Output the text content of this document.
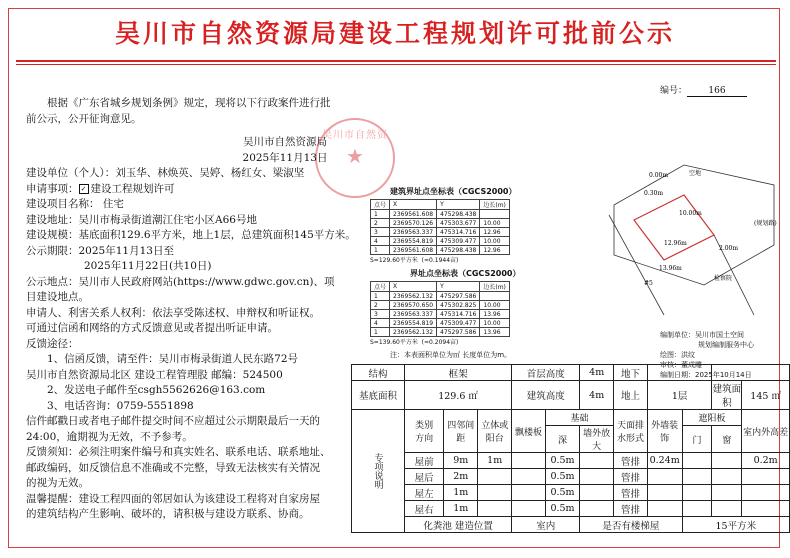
吴川市自然资源局建设工程规划许可批前公示
编号： 166
吴川市自然资
★

根据《广东省城乡规划条例》规定，现将以下行政案件进行批

前公示，公开征询意见。

吴川市自然资源局

2025年11月13日

建设单位（个人）：刘玉华、林焕英、吴婷、杨红女、梁淑坚

申请事项： ✓ 建设工程规划许可

建设项目名称： 住宅

建设地址：吴川市梅录街道潮江住宅小区A66号地

建设规模：基底面积129.6平方米，地上1层，总建筑面积145平方米。

公示期限：2025年11月13日至

2025年11月22日(共10日)

公示地点：吴川市人民政府网站(https://www.gdwc.gov.cn)、项

目建设地点。

申请人、利害关系人权利：依法享受陈述权、申辩权和听证权。

可通过信函和网络的方式反馈意见或者提出听证申请。

反馈途径：

1、信函反馈，请至件：吴川市梅录街道人民东路72号

吴川市自然资源局北区 建设工程管理股 邮编：524500

2、发送电子邮件至csgh5562626@163.com

3、电话咨询：0759-5551898

信件邮戳日或者电子邮件提交时间不应超过公示期限最后一天的

24:00，逾期视为无效，不予参考。

反馈须知：必须注明案件编号和真实姓名、联系电话、联系地址、

邮政编码，如反馈信息不准确或不完整，导致无法核实有关情况

的视为无效。

温馨提醒：建设工程四面的邻居如认为该建设工程将对自家房屋

的建筑结构产生影响、破坏的，请积极与建设方联系、协商。

建筑界址点坐标表（CGCS2000）
点号	X	Y	边长(m)
1	2369561.608	475298.438	
2	2369570.126	475303.677	10.00
3	2369563.337	475314.716	12.96
4	2369554.819	475309.477	10.00
1	2369561.608	475298.438	12.96
S=129.60平方米 (≈0.1944亩)
界址点坐标表（CGCS2000）
点号	X	Y	边长(m)
1	2369562.132	475297.586	
2	2369570.650	475302.825	10.00
3	2369563.337	475314.716	13.96
4	2369554.819	475309.477	10.00
1	2369562.132	475297.586	13.96
S=139.60平方米 (≈0.2094亩)
注：本表面积单位为㎡ 长度单位为m。
0.00m
0.30m
13.96m
12.96m
10.00m
2.00m
空地
#5
检察院
(规划路)
编制单位：吴川市国土空间
规划编制服务中心
绘图：洪纹
审核：董成雕
编制日期：2025年10月14日
结构	框架			首层高度		4m	地下				
基底面积	129.6 ㎡			建筑高度		4m	地上	1层		建筑面积	145 ㎡
专项说明	类别
方向	四邻间距	立体或阳台	飘楼板	基础		天面排水形式	外墙装饰	遮阳板		室内外高差
					深	墙外放大			门	窗	
	屋前	9m	1m		0.5m		管排	0.24m			0.2m
	屋后	2m			0.5m		管排				
	屋左	1m			0.5m		管排				
	屋右	1m			0.5m		管排				
	化粪池 建造位置			室内		是否有楼梯屋			15平方米		
